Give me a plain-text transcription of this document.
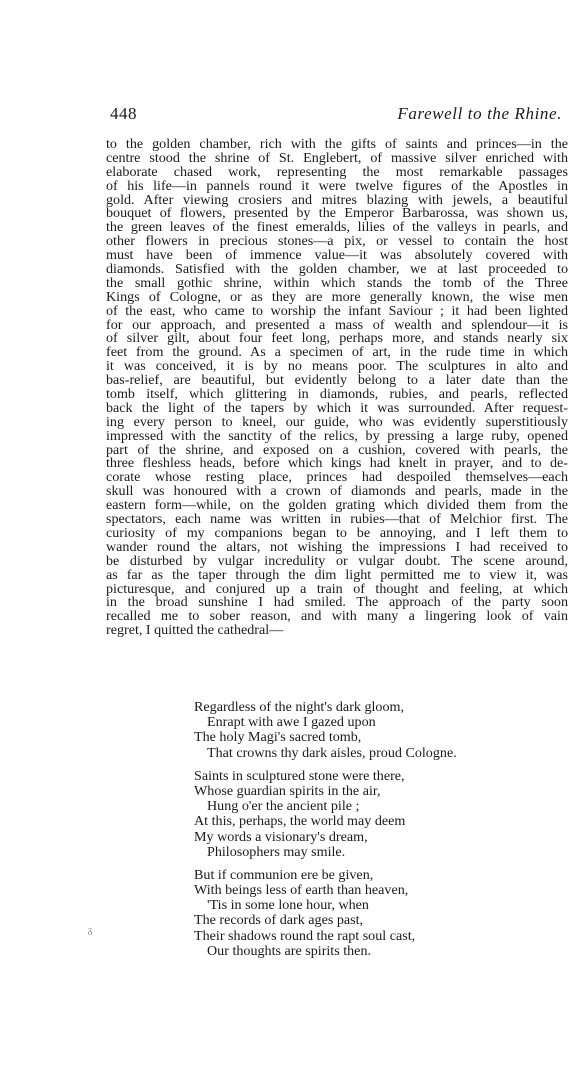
448	Farewell to the Rhine.
to the golden chamber, rich with the gifts of saints and princes—in the
centre stood the shrine of St. Englebert, of massive silver enriched with
elaborate chased work, representing the most remarkable passages
of his life—in pannels round it were twelve figures of the Apostles in
gold. After viewing crosiers and mitres blazing with jewels, a beautiful
bouquet of flowers, presented by the Emperor Barbarossa, was shown us,
the green leaves of the finest emeralds, lilies of the valleys in pearls, and
other flowers in precious stones—a pix, or vessel to contain the host
must have been of immence value—it was absolutely covered with
diamonds. Satisfied with the golden chamber, we at last proceeded to
the small gothic shrine, within which stands the tomb of the Three
Kings of Cologne, or as they are more generally known, the wise men
of the east, who came to worship the infant Saviour ; it had been lighted
for our approach, and presented a mass of wealth and splendour—it is
of silver gilt, about four feet long, perhaps more, and stands nearly six
feet from the ground. As a specimen of art, in the rude time in which
it was conceived, it is by no means poor. The sculptures in alto and
bas-relief, are beautiful, but evidently belong to a later date than the
tomb itself, which glittering in diamonds, rubies, and pearls, reflected
back the light of the tapers by which it was surrounded. After request-
ing every person to kneel, our guide, who was evidently superstitiously
impressed with the sanctity of the relics, by pressing a large ruby, opened
part of the shrine, and exposed on a cushion, covered with pearls, the
three fleshless heads, before which kings had knelt in prayer, and to de-
corate whose resting place, princes had despoiled themselves—each
skull was honoured with a crown of diamonds and pearls, made in the
eastern form—while, on the golden grating which divided them from the
spectators, each name was written in rubies—that of Melchior first. The
curiosity of my companions began to be annoying, and I left them to
wander round the altars, not wishing the impressions I had received to
be disturbed by vulgar incredulity or vulgar doubt. The scene around,
as far as the taper through the dim light permitted me to view it, was
picturesque, and conjured up a train of thought and feeling, at which
in the broad sunshine I had smiled. The approach of the party soon
recalled me to sober reason, and with many a lingering look of vain
regret, I quitted the cathedral—
Regardless of the night's dark gloom,
Enrapt with awe I gazed upon
The holy Magi's sacred tomb,
That crowns thy dark aisles, proud Cologne.
Saints in sculptured stone were there,
Whose guardian spirits in the air,
Hung o'er the ancient pile ;
At this, perhaps, the world may deem
My words a visionary's dream,
Philosophers may smile.
But if communion ere be given,
With beings less of earth than heaven,
'Tis in some lone hour, when
The records of dark ages past,
Their shadows round the rapt soul cast,
Our thoughts are spirits then.
ᵹ
